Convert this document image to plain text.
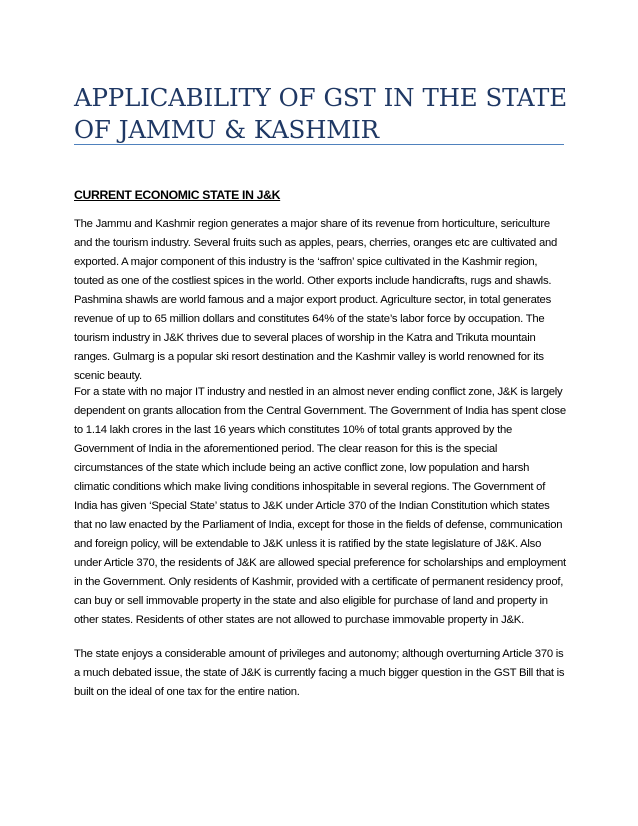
APPLICABILITY OF GST IN THE STATE OF JAMMU & KASHMIR
CURRENT ECONOMIC STATE IN J&K

The Jammu and Kashmir region generates a major share of its revenue from horticulture, sericulture and the tourism industry. Several fruits such as apples, pears, cherries, oranges etc are cultivated and exported. A major component of this industry is the ‘saffron’ spice cultivated in the Kashmir region, touted as one of the costliest spices in the world. Other exports include handicrafts, rugs and shawls. Pashmina shawls are world famous and a major export product. Agriculture sector, in total generates revenue of up to 65 million dollars and constitutes 64% of the state’s labor force by occupation. The tourism industry in J&K thrives due to several places of worship in the Katra and Trikuta mountain ranges. Gulmarg is a popular ski resort destination and the Kashmir valley is world renowned for its scenic beauty.

For a state with no major IT industry and nestled in an almost never ending conflict zone, J&K is largely dependent on grants allocation from the Central Government. The Government of India has spent close to 1.14 lakh crores in the last 16 years which constitutes 10% of total grants approved by the Government of India in the aforementioned period. The clear reason for this is the special circumstances of the state which include being an active conflict zone, low population and harsh climatic conditions which make living conditions inhospitable in several regions. The Government of India has given ‘Special State’ status to J&K under Article 370 of the Indian Constitution which states that no law enacted by the Parliament of India, except for those in the fields of defense, communication and foreign policy, will be extendable to J&K unless it is ratified by the state legislature of J&K. Also under Article 370, the residents of J&K are allowed special preference for scholarships and employment in the Government. Only residents of Kashmir, provided with a certificate of permanent residency proof, can buy or sell immovable property in the state and also eligible for purchase of land and property in other states. Residents of other states are not allowed to purchase immovable property in J&K.

The state enjoys a considerable amount of privileges and autonomy; although overturning Article 370 is a much debated issue, the state of J&K is currently facing a much bigger question in the GST Bill that is built on the ideal of one tax for the entire nation.
